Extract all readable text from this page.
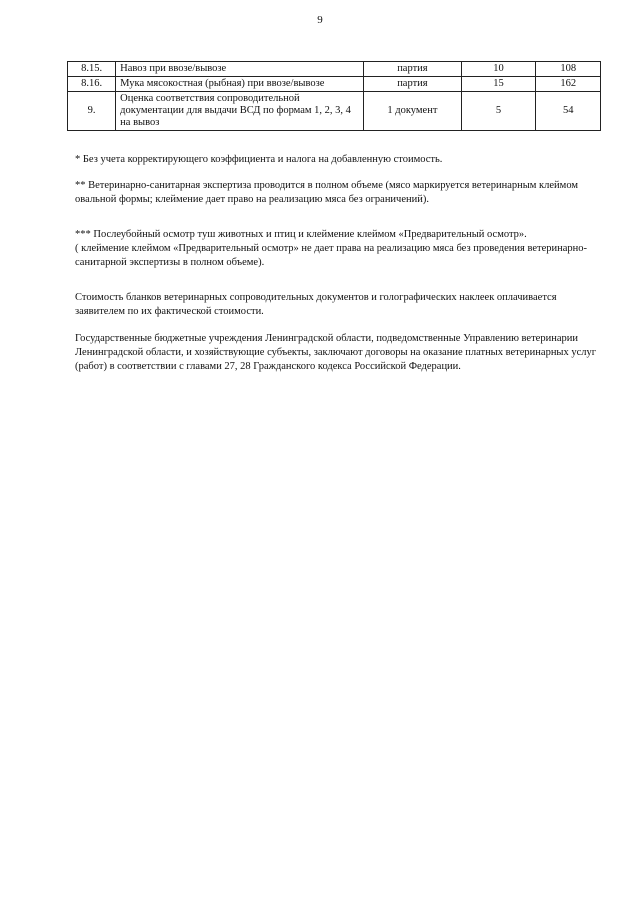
9
8.15.	Навоз при ввозе/вывозе	партия	10	108
8.16.	Мука мясокостная (рыбная) при ввозе/вывозе	партия	15	162
9.	Оценка соответствия сопроводительной документации для выдачи ВСД по формам 1, 2, 3, 4 на вывоз	1 документ	5	54

* Без учета корректирующего коэффициента и налога на добавленную стоимость.

** Ветеринарно-санитарная экспертиза проводится в полном объеме (мясо маркируется ветеринарным клеймом овальной формы; клеймение дает право на реализацию мяса без ограничений).

*** Послеубойный осмотр туш животных и птиц и клеймение клеймом «Предварительный осмотр».

( клеймение клеймом «Предварительный осмотр» не дает права на реализацию мяса без проведения ветеринарно-санитарной экспертизы в полном объеме).

Стоимость бланков ветеринарных сопроводительных документов и голографических наклеек оплачивается заявителем по их фактической стоимости.

Государственные бюджетные учреждения Ленинградской области, подведомственные Управлению ветеринарии Ленинградской области, и хозяйствующие субъекты, заключают договоры на оказание платных ветеринарных услуг (работ) в соответствии с главами 27, 28 Гражданского кодекса Российской Федерации.
